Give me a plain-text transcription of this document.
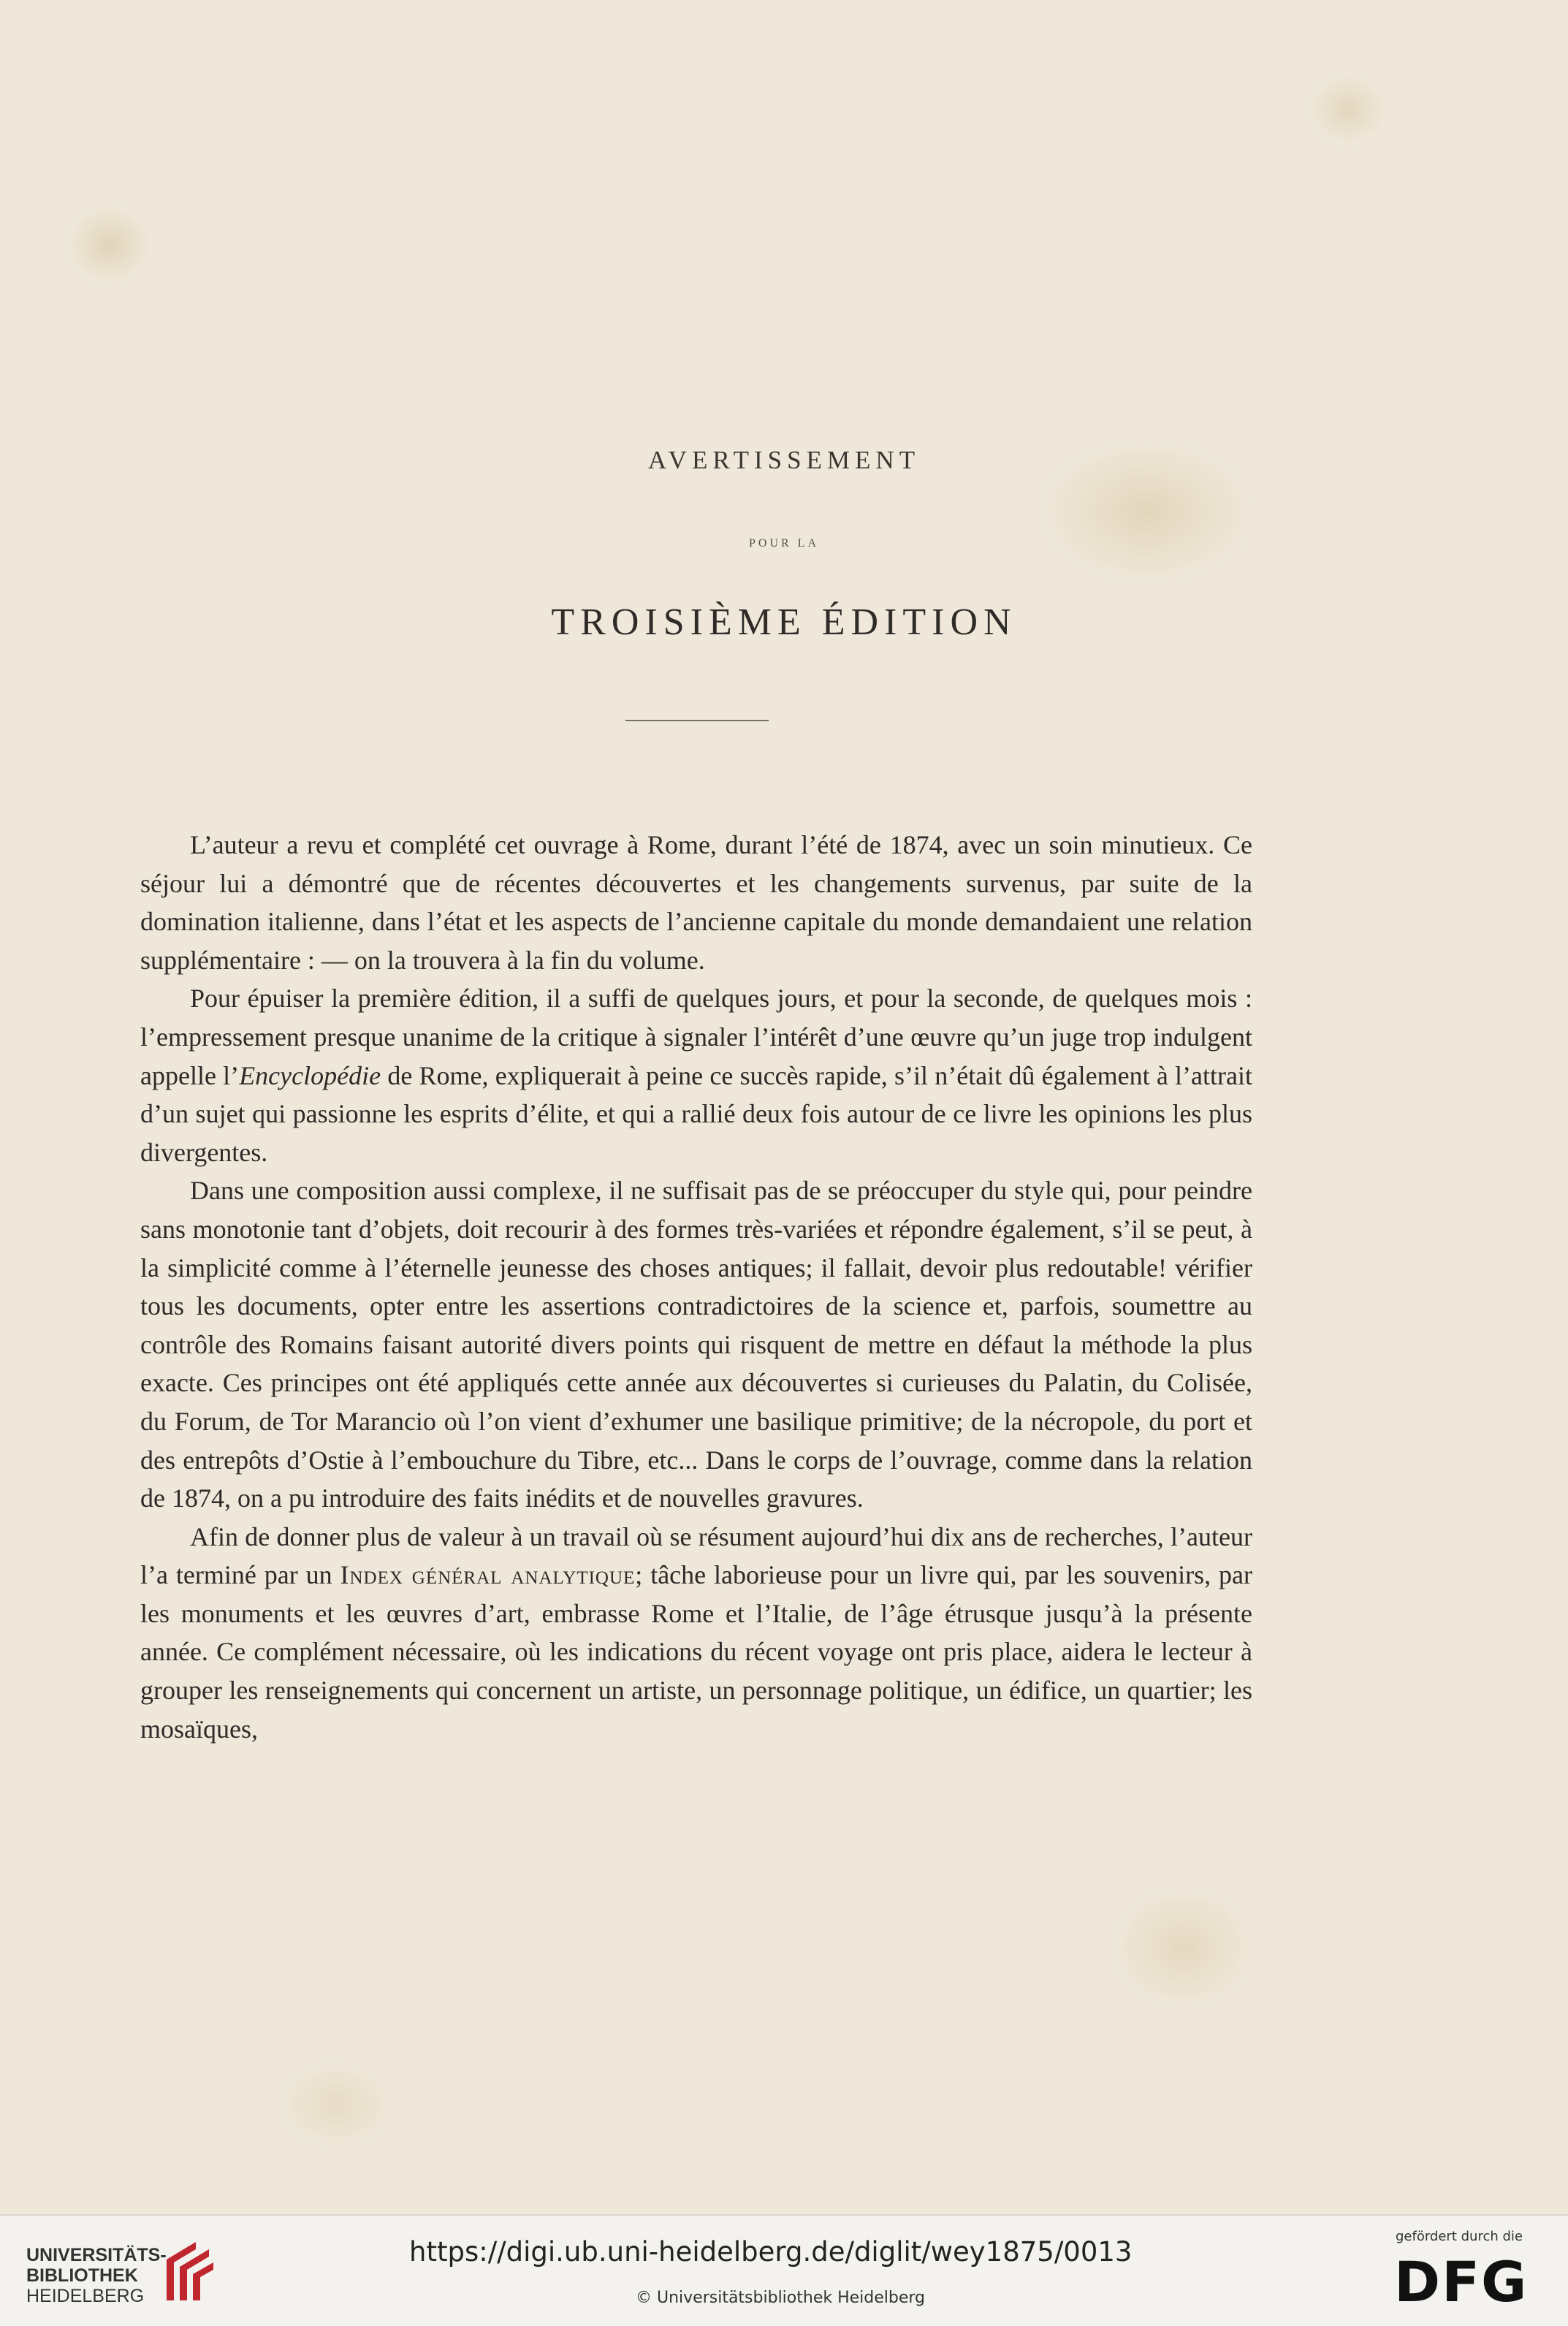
AVERTISSEMENT
POUR LA
TROISIÈME ÉDITION

L’auteur a revu et complété cet ouvrage à Rome, durant l’été de 1874, avec un soin minutieux. Ce séjour lui a démontré que de récentes découvertes et les changements survenus, par suite de la domination italienne, dans l’état et les aspects de l’ancienne capitale du monde demandaient une relation supplémentaire : — on la trouvera à la fin du volume.

Pour épuiser la première édition, il a suffi de quelques jours, et pour la seconde, de quelques mois : l’empressement presque unanime de la critique à signaler l’intérêt d’une œuvre qu’un juge trop indulgent appelle l’Encyclopédie de Rome, expliquerait à peine ce succès rapide, s’il n’était dû également à l’attrait d’un sujet qui passionne les esprits d’élite, et qui a rallié deux fois autour de ce livre les opinions les plus divergentes.

Dans une composition aussi complexe, il ne suffisait pas de se préoccuper du style qui, pour peindre sans monotonie tant d’objets, doit recourir à des formes très-variées et répondre également, s’il se peut, à la simplicité comme à l’éternelle jeunesse des choses antiques; il fallait, devoir plus redoutable! vérifier tous les documents, opter entre les assertions contradictoires de la science et, parfois, soumettre au contrôle des Romains faisant autorité divers points qui risquent de mettre en défaut la méthode la plus exacte. Ces principes ont été appliqués cette année aux découvertes si curieuses du Palatin, du Colisée, du Forum, de Tor Marancio où l’on vient d’exhumer une basilique primitive; de la nécropole, du port et des entrepôts d’Ostie à l’embouchure du Tibre, etc... Dans le corps de l’ouvrage, comme dans la relation de 1874, on a pu introduire des faits inédits et de nouvelles gravures.

Afin de donner plus de valeur à un travail où se résument aujourd’hui dix ans de recherches, l’auteur l’a terminé par un Index général analytique; tâche laborieuse pour un livre qui, par les souvenirs, par les monuments et les œuvres d’art, embrasse Rome et l’Italie, de l’âge étrusque jusqu’à la présente année. Ce complément nécessaire, où les indications du récent voyage ont pris place, aidera le lecteur à grouper les renseignements qui concernent un artiste, un personnage politique, un édifice, un quartier; les mosaïques,

UNIVERSITÄTS-
BIBLIOTHEK
HEIDELBERG
https://digi.ub.uni-heidelberg.de/diglit/wey1875/0013
© Universitätsbibliothek Heidelberg
gefördert durch die
DFG
